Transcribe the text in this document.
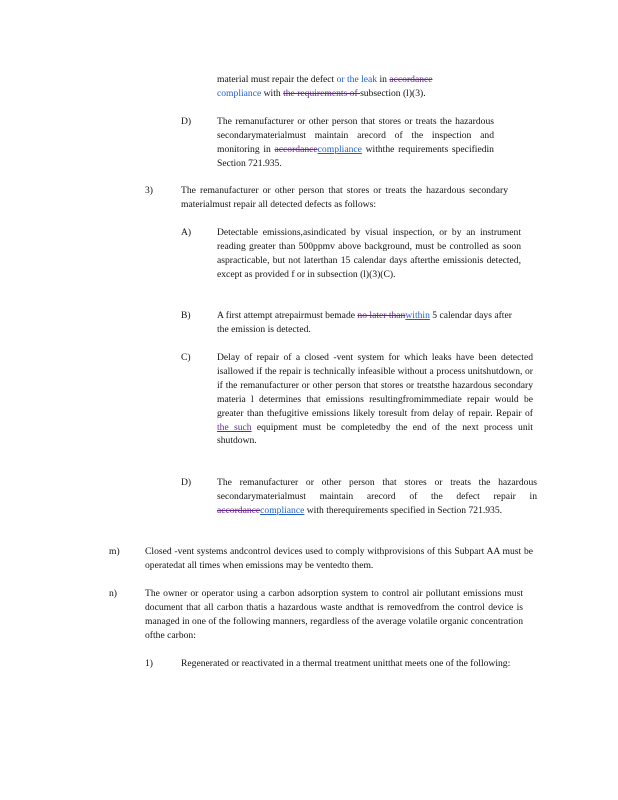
material must repair the defect or the leak in accordance
compliance with the requirements of subsection (l)(3).
D)	The remanufacturer or other person that stores or treats the hazardous secondarymaterialmust maintain arecord of the inspection and monitoring in accordancecompliance withthe requirements specifiedin Section 721.935.
3)	The remanufacturer or other person that stores or treats the hazardous secondary materialmust repair all detected defects as follows:
A)	Detectable emissions,asindicated by visual inspection, or by an instrument reading greater than 500ppmv above background, must be controlled as soon aspracticable, but not laterthan 15 calendar days afterthe emissionis detected, except as provided f or in subsection (l)(3)(C).
B)	A first attempt atrepairmust bemade no later thanwithin 5 calendar days after the emission is detected.
C)	Delay of repair of a closed -vent system for which leaks have been detected isallowed if the repair is technically infeasible without a process unitshutdown, or if the remanufacturer or other person that stores or treatsthe hazardous secondary materia l determines that emissions resultingfromimmediate repair would be greater than thefugitive emissions likely toresult from delay of repair. Repair of the such equipment must be completedby the end of the next process unit shutdown.
D)	The remanufacturer or other person that stores or treats the hazardous secondarymaterialmust maintain arecord of the defect repair in accordancecompliance with therequirements specified in Section 721.935.
m)	Closed -vent systems andcontrol devices used to comply withprovisions of this Subpart AA must be operatedat all times when emissions may be ventedto them.
n)	The owner or operator using a carbon adsorption system to control air pollutant emissions must document that all carbon thatis a hazardous waste andthat is removedfrom the control device is managed in one of the following manners, regardless of the average volatile organic concentration ofthe carbon:
1)	Regenerated or reactivated in a thermal treatment unitthat meets one of the following:
